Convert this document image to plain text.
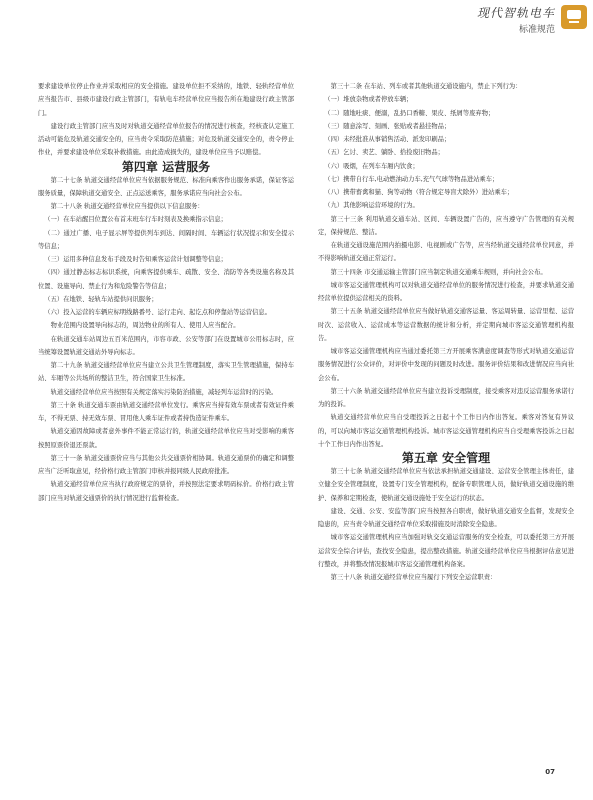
现代智轨电车
标准规范

要求建设单位停止作业并采取相应的安全措施。建设单位拒不采纳的，地铁、轻轨经营单位应当报告市、县级市建设行政主管部门，有轨电车经营单位应当报告所在地建设行政主管部门。

建设行政主管部门应当及时对轨道交通经营单位报告的情况进行核查，经核查认定施工活动可能危及轨道交通安全的，应当责令采取防范措施；对危及轨道交通安全的，责令停止作业，并要求建设单位采取补救措施。由此造成损失的，建设单位应当予以赔偿。

第四章 运营服务

第二十七条 轨道交通经营单位应当依据服务规范、标准向乘客作出服务承诺，保证客运服务质量，保障轨道交通安全、正点运送乘客，服务承诺应当向社会公布。

第二十八条 轨道交通经营单位应当提供以下信息服务：

（一）在车站醒目位置公布首末班车行车时刻表及换乘指示信息；

（二）通过广播、电子显示屏等提供列车到达、间隔时间、车辆运行状况提示和安全提示等信息；

（三）运用多种信息发布手段及时告知乘客运营计划调整等信息；

（四）通过静态标志标识系统，向乘客提供乘车、疏散、安全、消防等各类设施名称及其位置、设施导向、禁止行为和危险警告等信息；

（五）在地铁、轻轨车站提供问讯服务；

（六）投入运营的车辆应标明线路番号、运行走向、起讫点和停靠站等运营信息。

物业范围内设置导向标志的，周边物业的所有人、使用人应当配合。

在轨道交通车站周边五百米范围内，市容市政、公安等部门在设置城市公用标志时，应当统筹设置轨道交通站外导向标志。

第二十九条 轨道交通经营单位应当建立公共卫生管理制度，落实卫生管理措施，保持车站、车厢等公共场所的整洁卫生，符合国家卫生标准。

轨道交通经营单位应当按照有关规定落实污染防治措施，减轻列车运营时的污染。

第三十条 轨道交通车票由轨道交通经营单位发行。乘客应当持有效车票或者有效证件乘车，不得无票、持无效车票、冒用他人乘车证件或者持伪造证件乘车。

轨道交通因故障或者意外事件不能正常运行的，轨道交通经营单位应当对受影响的乘客按照原票价退还票款。

第三十一条 轨道交通票价应当与其他公共交通票价相协调。轨道交通票价的确定和调整应当广泛听取意见，经价格行政主管部门审核并报同级人民政府批准。

轨道交通经营单位应当执行政府规定的票价，并按照法定要求明码标价。价格行政主管部门应当对轨道交通票价的执行情况进行监督检查。

第三十二条 在车站、列车或者其他轨道交通设施内，禁止下列行为：

（一）堆放杂物或者停放车辆；

（二）随地吐痰、便溺，乱扔口香糖、果皮、纸屑等废弃物；

（三）随意涂写、刻画、张贴或者悬挂物品；

（四）未经批准从事销售活动、派发印刷品；

（五）乞讨、卖艺、躺卧、拾捡废旧物品；

（六）吸烟，在列车车厢内饮食；

（七）携带自行车,电动燃油动力车,充气气球等物品进站乘车；

（八）携带畜禽和猫、狗等动物（符合规定导盲犬除外）进站乘车；

（九）其他影响运营环境的行为。

第三十三条 利用轨道交通车站、区间、车辆设置广告的，应当遵守广告管理的有关规定，保持规范、整洁。

在轨道交通设施范围内拍摄电影、电视剧或广告等，应当经轨道交通经营单位同意，并不得影响轨道交通正常运行。

第三十四条 市交通运输主管部门应当制定轨道交通乘车规则，并向社会公布。

城市客运交通管理机构可以对轨道交通经营单位的服务情况进行检查，并要求轨道交通经营单位提供运营相关的资料。

第三十五条 轨道交通经营单位应当做好轨道交通客运量、客运周转量、运营里程、运营时次、运营收入、运营成本等运营数据的统计和分析，并定期向城市客运交通管理机构报告。

城市客运交通管理机构应当通过委托第三方开展乘客满意度调查等形式对轨道交通运营服务情况进行公众评价，对评价中发现的问题及时改进。服务评价结果和改进情况应当向社会公布。

第三十六条 轨道交通经营单位应当建立投诉受理制度，接受乘客对违反运营服务承诺行为的投诉。

轨道交通经营单位应当自受理投诉之日起十个工作日内作出答复。乘客对答复有异议的，可以向城市客运交通管理机构投诉。城市客运交通管理机构应当自受理乘客投诉之日起十个工作日内作出答复。

第五章 安全管理

第三十七条 轨道交通经营单位应当依法承担轨道交通建设、运营安全管理主体责任，建立健全安全管理制度，设置专门安全管理机构，配备专职管理人员，做好轨道交通设施的维护、保养和定期检查，使轨道交通设施处于安全运行的状态。

建设、交通、公安、安监等部门应当按照各自职责，做好轨道交通安全监督，发现安全隐患的，应当责令轨道交通经营单位采取措施及时消除安全隐患。

城市客运交通管理机构应当加强对轨交交通运营服务的安全检查，可以委托第三方开展运营安全综合评估，查找安全隐患，提出整改措施。轨道交通经营单位应当根据评估意见进行整改，并将整改情况报城市客运交通管理机构备案。

第三十八条 轨道交通经营单位应当履行下列安全运营职责：

07
